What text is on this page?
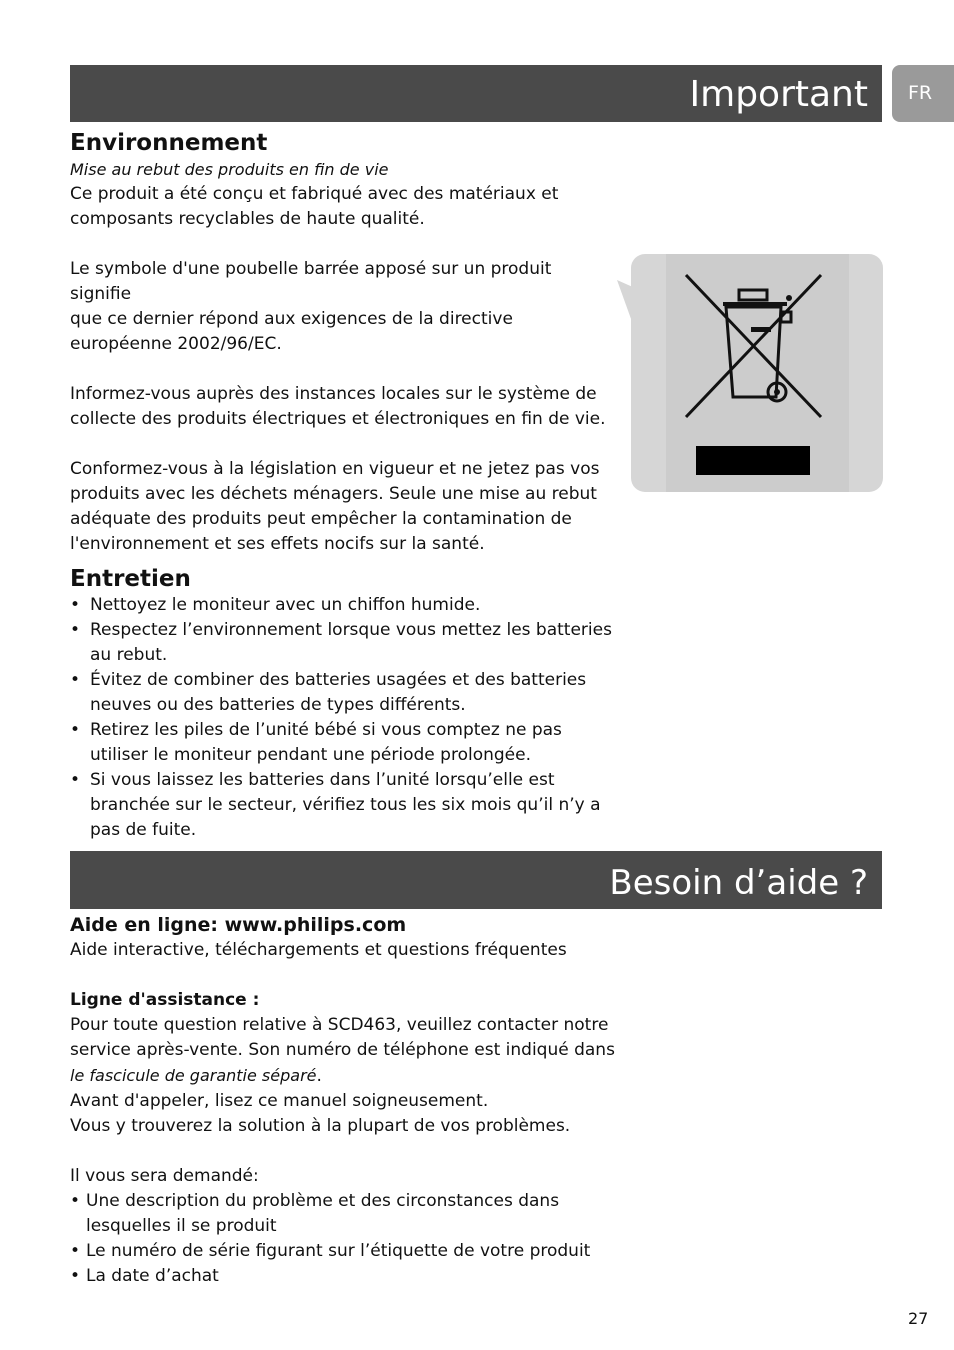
Important	FR
Environnement

Mise au rebut des produits en fin de vie

Ce produit a été conçu et fabriqué avec des matériaux et

composants recyclables de haute qualité.

Le symbole d'une poubelle barrée apposé sur un produit signifie

que ce dernier répond aux exigences de la directive

européenne 2002/96/EC.

Informez-vous auprès des instances locales sur le système de

collecte des produits électriques et électroniques en fin de vie.

Conformez-vous à la législation en vigueur et ne jetez pas vos

produits avec les déchets ménagers. Seule une mise au rebut

adéquate des produits peut empêcher la contamination de

l'environnement et ses effets nocifs sur la santé.

Entretien
• Nettoyez le moniteur avec un chiffon humide.
• Respectez l’environnement lorsque vous mettez les batteries
au rebut.
• Évitez de combiner des batteries usagées et des batteries
neuves ou des batteries de types différents.
• Retirez les piles de l’unité bébé si vous comptez ne pas
utiliser le moniteur pendant une période prolongée.
• Si vous laissez les batteries dans l’unité lorsqu’elle est
branchée sur le secteur, vérifiez tous les six mois qu’il n’y a
pas de fuite.
Besoin d’aide ?
Aide en ligne: www.philips.com

Aide interactive, téléchargements et questions fréquentes

Ligne d'assistance :

Pour toute question relative à SCD463, veuillez contacter notre

service après-vente. Son numéro de téléphone est indiqué dans

le fascicule de garantie séparé.

Avant d'appeler, lisez ce manuel soigneusement.

Vous y trouverez la solution à la plupart de vos problèmes.

Il vous sera demandé:

• Une description du problème et des circonstances dans
lesquelles il se produit
• Le numéro de série figurant sur l’étiquette de votre produit
• La date d’achat
27
